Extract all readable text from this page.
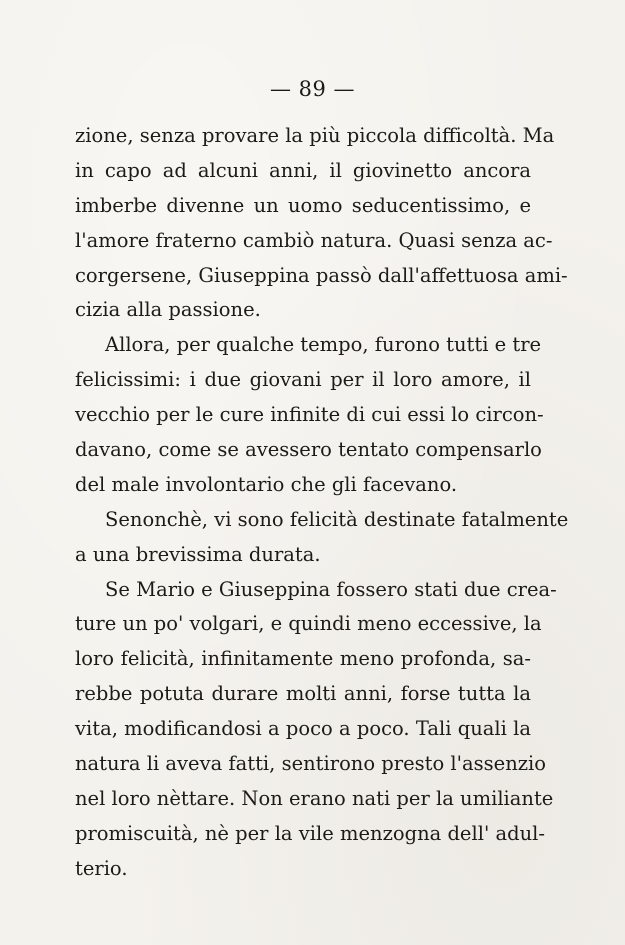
— 89 —
zione, senza provare la più piccola difficoltà. Ma
in capo ad alcuni anni, il giovinetto ancora
imberbe divenne un uomo seducentissimo, e
l'amore fraterno cambiò natura. Quasi senza ac-
corgersene, Giuseppina passò dall'affettuosa ami-
cizia alla passione.
Allora, per qualche tempo, furono tutti e tre
felicissimi: i due giovani per il loro amore, il
vecchio per le cure infinite di cui essi lo circon-
davano, come se avessero tentato compensarlo
del male involontario che gli facevano.
Senonchè, vi sono felicità destinate fatalmente
a una brevissima durata.
Se Mario e Giuseppina fossero stati due crea-
ture un po' volgari, e quindi meno eccessive, la
loro felicità, infinitamente meno profonda, sa-
rebbe potuta durare molti anni, forse tutta la
vita, modificandosi a poco a poco. Tali quali la
natura li aveva fatti, sentirono presto l'assenzio
nel loro nèttare. Non erano nati per la umiliante
promiscuità, nè per la vile menzogna dell' adul-
terio.
